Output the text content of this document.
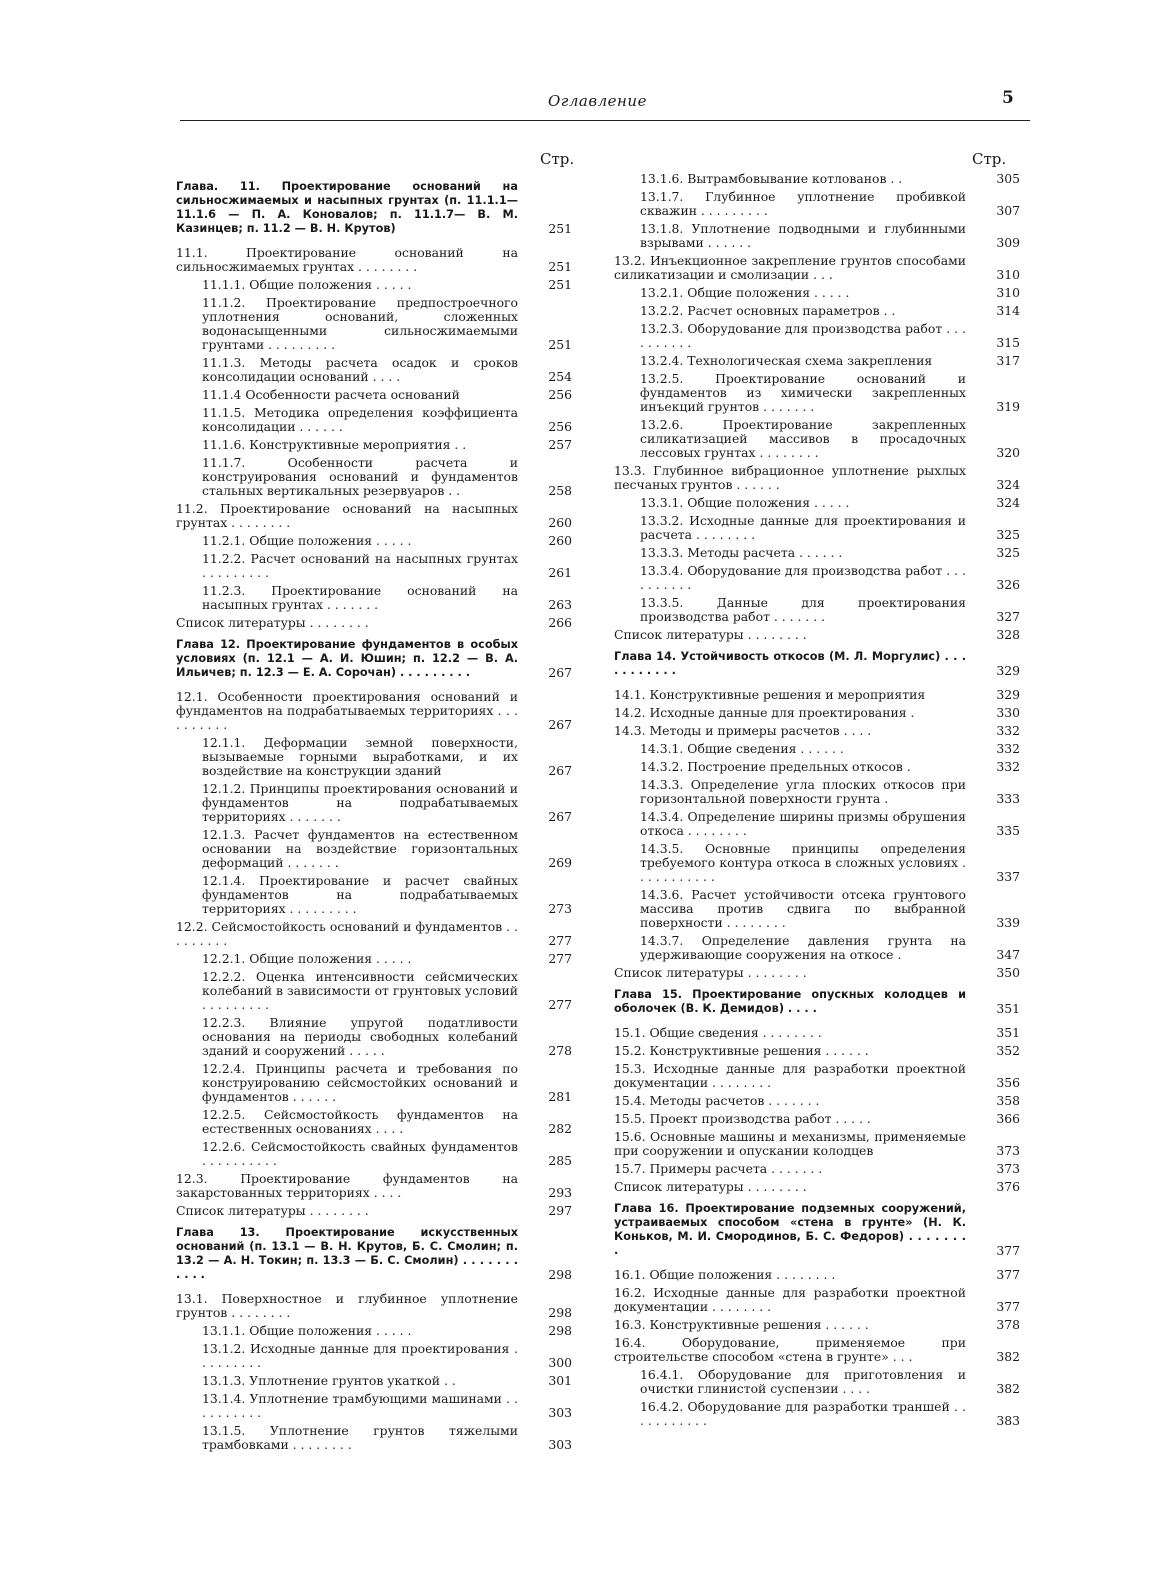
Оглавление	5
Стр.	Стр.
Глава. 11. Проектирование оснований на сильносжимаемых и насыпных грунтах (п. 11.1.1—11.1.6 — П. А. Коновалов; п. 11.1.7— В. М. Казинцев; п. 11.2 — В. Н. Крутов)	251
11.1. Проектирование оснований на сильносжимаемых грунтах . . . . . . . .	251
11.1.1. Общие положения . . . . .	251
11.1.2. Проектирование предпостроечного уплотнения оснований, сложенных водонасыщенными сильносжимаемыми грунтами . . . . . . . . .	251
11.1.3. Методы расчета осадок и сроков консолидации оснований . . . .	254
11.1.4 Особенности расчета оснований	256
11.1.5. Методика определения коэффициента консолидации . . . . . .	256
11.1.6. Конструктивные мероприятия . .	257
11.1.7. Особенности расчета и конструирования оснований и фундаментов стальных вертикальных резервуаров . .	258
11.2. Проектирование оснований на насыпных грунтах . . . . . . . .	260
11.2.1. Общие положения . . . . .	260
11.2.2. Расчет оснований на насыпных грунтах . . . . . . . . .	261
11.2.3. Проектирование оснований на насыпных грунтах . . . . . . .	263
Список литературы . . . . . . . .	266
Глава 12. Проектирование фундаментов в особых условиях (п. 12.1 — А. И. Юшин; п. 12.2 — В. А. Ильичев; п. 12.3 — Е. А. Сорочан) . . . . . . . . .	267
12.1. Особенности проектирования оснований и фундаментов на подрабатываемых территориях . . . . . . . . . .	267
12.1.1. Деформации земной поверхности, вызываемые горными выработками, и их воздействие на конструкции зданий	267
12.1.2. Принципы проектирования оснований и фундаментов на подрабатываемых территориях . . . . . . .	267
12.1.3. Расчет фундаментов на естественном основании на воздействие горизонтальных деформаций . . . . . . .	269
12.1.4. Проектирование и расчет свайных фундаментов на подрабатываемых территориях . . . . . . . . .	273
12.2. Сейсмостойкость оснований и фундаментов . . . . . . . . .	277
12.2.1. Общие положения . . . . .	277
12.2.2. Оценка интенсивности сейсмических колебаний в зависимости от грунтовых условий . . . . . . . . .	277
12.2.3. Влияние упругой податливости основания на периоды свободных колебаний зданий и сооружений . . . . .	278
12.2.4. Принципы расчета и требования по конструированию сейсмостойких оснований и фундаментов . . . . . .	281
12.2.5. Сейсмостойкость фундаментов на естественных основаниях . . . .	282
12.2.6. Сейсмостойкость свайных фундаментов . . . . . . . . . .	285
12.3. Проектирование фундаментов на закарстованных территориях . . . .	293
Список литературы . . . . . . . .	297
Глава 13. Проектирование искусственных оснований (п. 13.1 — В. Н. Крутов, Б. С. Смолин; п. 13.2 — А. Н. Токин; п. 13.3 — Б. С. Смолин) . . . . . . . . . . .	298
13.1. Поверхностное и глубинное уплотнение грунтов . . . . . . . .	298
13.1.1. Общие положения . . . . .	298
13.1.2. Исходные данные для проектирования . . . . . . . . .	300
13.1.3. Уплотнение грунтов укаткой . .	301
13.1.4. Уплотнение трамбующими машинами . . . . . . . . . .	303
13.1.5. Уплотнение грунтов тяжелыми трамбовками . . . . . . . .	303
13.1.6. Вытрамбовывание котлованов . .	305
13.1.7. Глубинное уплотнение пробивкой скважин . . . . . . . . .	307
13.1.8. Уплотнение подводными и глубинными взрывами . . . . . .	309
13.2. Инъекционное закрепление грунтов способами силикатизации и смолизации . . .	310
13.2.1. Общие положения . . . . .	310
13.2.2. Расчет основных параметров . .	314
13.2.3. Оборудование для производства работ . . . . . . . . . .	315
13.2.4. Технологическая схема закрепления	317
13.2.5. Проектирование оснований и фундаментов из химически закрепленных инъекций грунтов . . . . . . .	319
13.2.6. Проектирование закрепленных силикатизацией массивов в просадочных лессовых грунтах . . . . . . . .	320
13.3. Глубинное вибрационное уплотнение рыхлых песчаных грунтов . . . . . .	324
13.3.1. Общие положения . . . . .	324
13.3.2. Исходные данные для проектирования и расчета . . . . . . . .	325
13.3.3. Методы расчета . . . . . .	325
13.3.4. Оборудование для производства работ . . . . . . . . . .	326
13.3.5. Данные для проектирования производства работ . . . . . . .	327
Список литературы . . . . . . . .	328
Глава 14. Устойчивость откосов (М. Л. Моргулис) . . . . . . . . . . .	329
14.1. Конструктивные решения и мероприятия	329
14.2. Исходные данные для проектирования .	330
14.3. Методы и примеры расчетов . . . .	332
14.3.1. Общие сведения . . . . . .	332
14.3.2. Построение предельных откосов .	332
14.3.3. Определение угла плоских откосов при горизонтальной поверхности грунта .	333
14.3.4. Определение ширины призмы обрушения откоса . . . . . . . .	335
14.3.5. Основные принципы определения требуемого контура откоса в сложных условиях . . . . . . . . . . .	337
14.3.6. Расчет устойчивости отсека грунтового массива против сдвига по выбранной поверхности . . . . . . . .	339
14.3.7. Определение давления грунта на удерживающие сооружения на откосе .	347
Список литературы . . . . . . . .	350
Глава 15. Проектирование опускных колодцев и оболочек (В. К. Демидов) . . . .	351
15.1. Общие сведения . . . . . . . .	351
15.2. Конструктивные решения . . . . . .	352
15.3. Исходные данные для разработки проектной документации . . . . . . . .	356
15.4. Методы расчетов . . . . . . .	358
15.5. Проект производства работ . . . . .	366
15.6. Основные машины и механизмы, применяемые при сооружении и опускании колодцев	373
15.7. Примеры расчета . . . . . . .	373
Список литературы . . . . . . . .	376
Глава 16. Проектирование подземных сооружений, устраиваемых способом «стена в грунте» (Н. К. Коньков, М. И. Смородинов, Б. С. Федоров) . . . . . . . .	377
16.1. Общие положения . . . . . . . .	377
16.2. Исходные данные для разработки проектной документации . . . . . . . .	377
16.3. Конструктивные решения . . . . . .	378
16.4. Оборудование, применяемое при строительстве способом «стена в грунте» . . .	382
16.4.1. Оборудование для приготовления и очистки глинистой суспензии . . . .	382
16.4.2. Оборудование для разработки траншей . . . . . . . . . . .	383
